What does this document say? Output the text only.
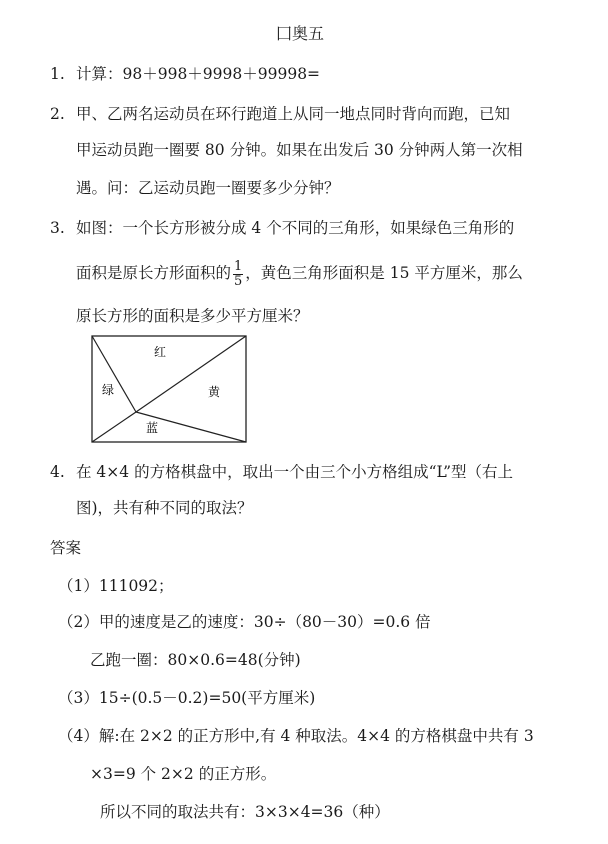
囗奥五
1. 计算：98＋998＋9998＋99998=
2. 甲、乙两名运动员在环行跑道上从同一地点同时背向而跑，已知
甲运动员跑一圈要 80 分钟。如果在出发后 30 分钟两人第一次相
遇。问：乙运动员跑一圈要多少分钟？
3. 如图：一个长方形被分成 4 个不同的三角形，如果绿色三角形的
面积是原长方形面积的 $\frac{1}{5}$ ，黄色三角形面积是 15 平方厘米，那么
原长方形的面积是多少平方厘米？
红
绿	黄
蓝
4. 在 4×4 的方格棋盘中，取出一个由三个小方格组成“L”型（右上
图)，共有种不同的取法？
答案
（1）111092；
（2）甲的速度是乙的速度：30÷（80－30）=0.6 倍
乙跑一圈：80×0.6=48(分钟)
（3）15÷(0.5－0.2)=50(平方厘米)
（4）解:在 2×2 的正方形中,有 4 种取法。4×4 的方格棋盘中共有 3
×3=9 个 2×2 的正方形。
所以不同的取法共有：3×3×4=36（种）
